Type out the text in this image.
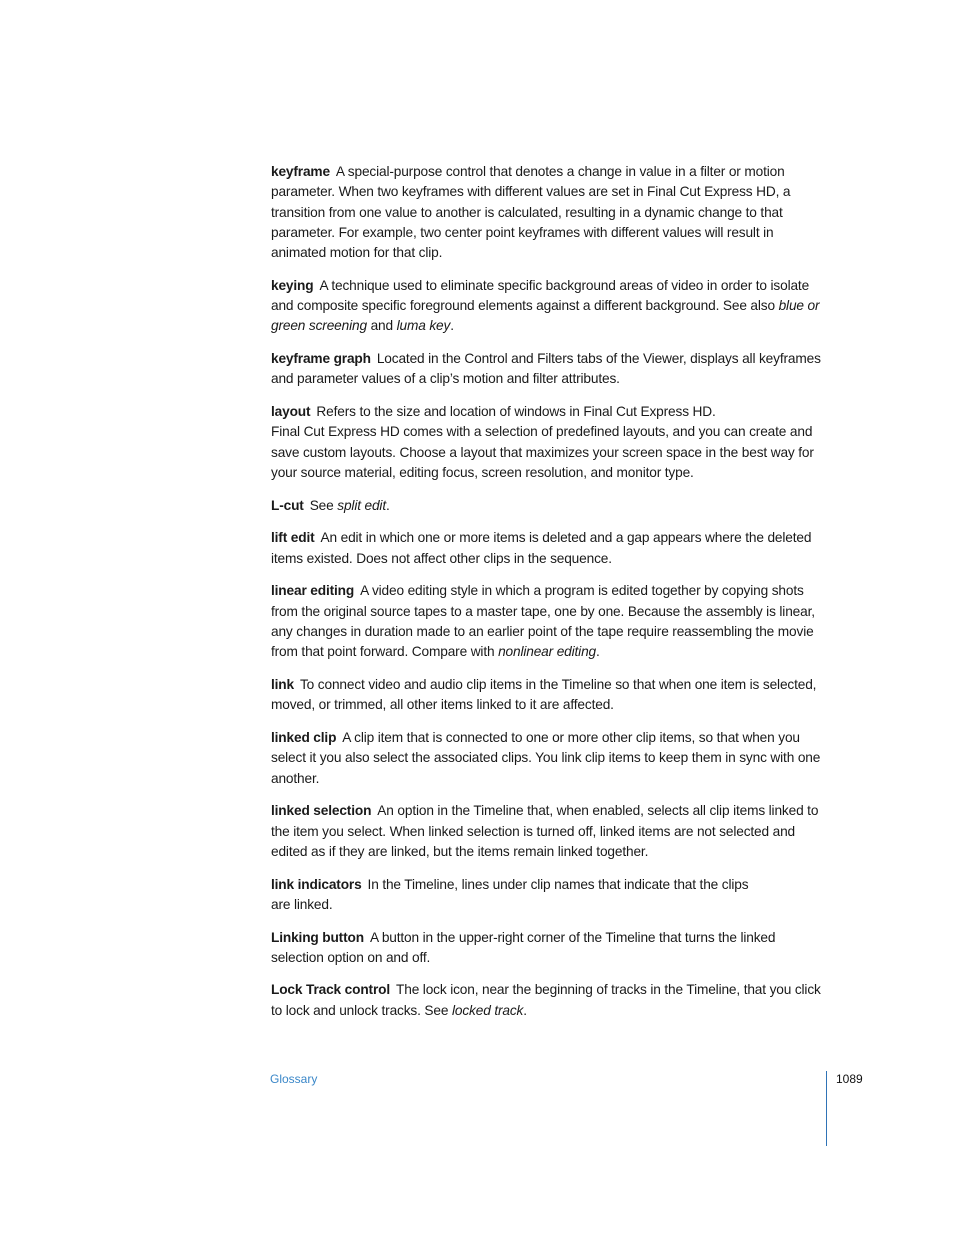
keyframe A special-purpose control that denotes a change in value in a filter or motion parameter. When two keyframes with different values are set in Final Cut Express HD, a transition from one value to another is calculated, resulting in a dynamic change to that parameter. For example, two center point keyframes with different values will result in animated motion for that clip.

keying A technique used to eliminate specific background areas of video in order to isolate and composite specific foreground elements against a different background. See also blue or green screening and luma key.

keyframe graph Located in the Control and Filters tabs of the Viewer, displays all keyframes and parameter values of a clip’s motion and filter attributes.

layout Refers to the size and location of windows in Final Cut Express HD.
Final Cut Express HD comes with a selection of predefined layouts, and you can create and save custom layouts. Choose a layout that maximizes your screen space in the best way for your source material, editing focus, screen resolution, and monitor type.

L-cut See split edit.

lift edit An edit in which one or more items is deleted and a gap appears where the deleted items existed. Does not affect other clips in the sequence.

linear editing A video editing style in which a program is edited together by copying shots from the original source tapes to a master tape, one by one. Because the assembly is linear, any changes in duration made to an earlier point of the tape require reassembling the movie from that point forward. Compare with nonlinear editing.

link To connect video and audio clip items in the Timeline so that when one item is selected, moved, or trimmed, all other items linked to it are affected.

linked clip A clip item that is connected to one or more other clip items, so that when you select it you also select the associated clips. You link clip items to keep them in sync with one another.

linked selection An option in the Timeline that, when enabled, selects all clip items linked to the item you select. When linked selection is turned off, linked items are not selected and edited as if they are linked, but the items remain linked together.

link indicators In the Timeline, lines under clip names that indicate that the clips
are linked.

Linking button A button in the upper-right corner of the Timeline that turns the linked selection option on and off.

Lock Track control The lock icon, near the beginning of tracks in the Timeline, that you click to lock and unlock tracks. See locked track.

Glossary	1089
